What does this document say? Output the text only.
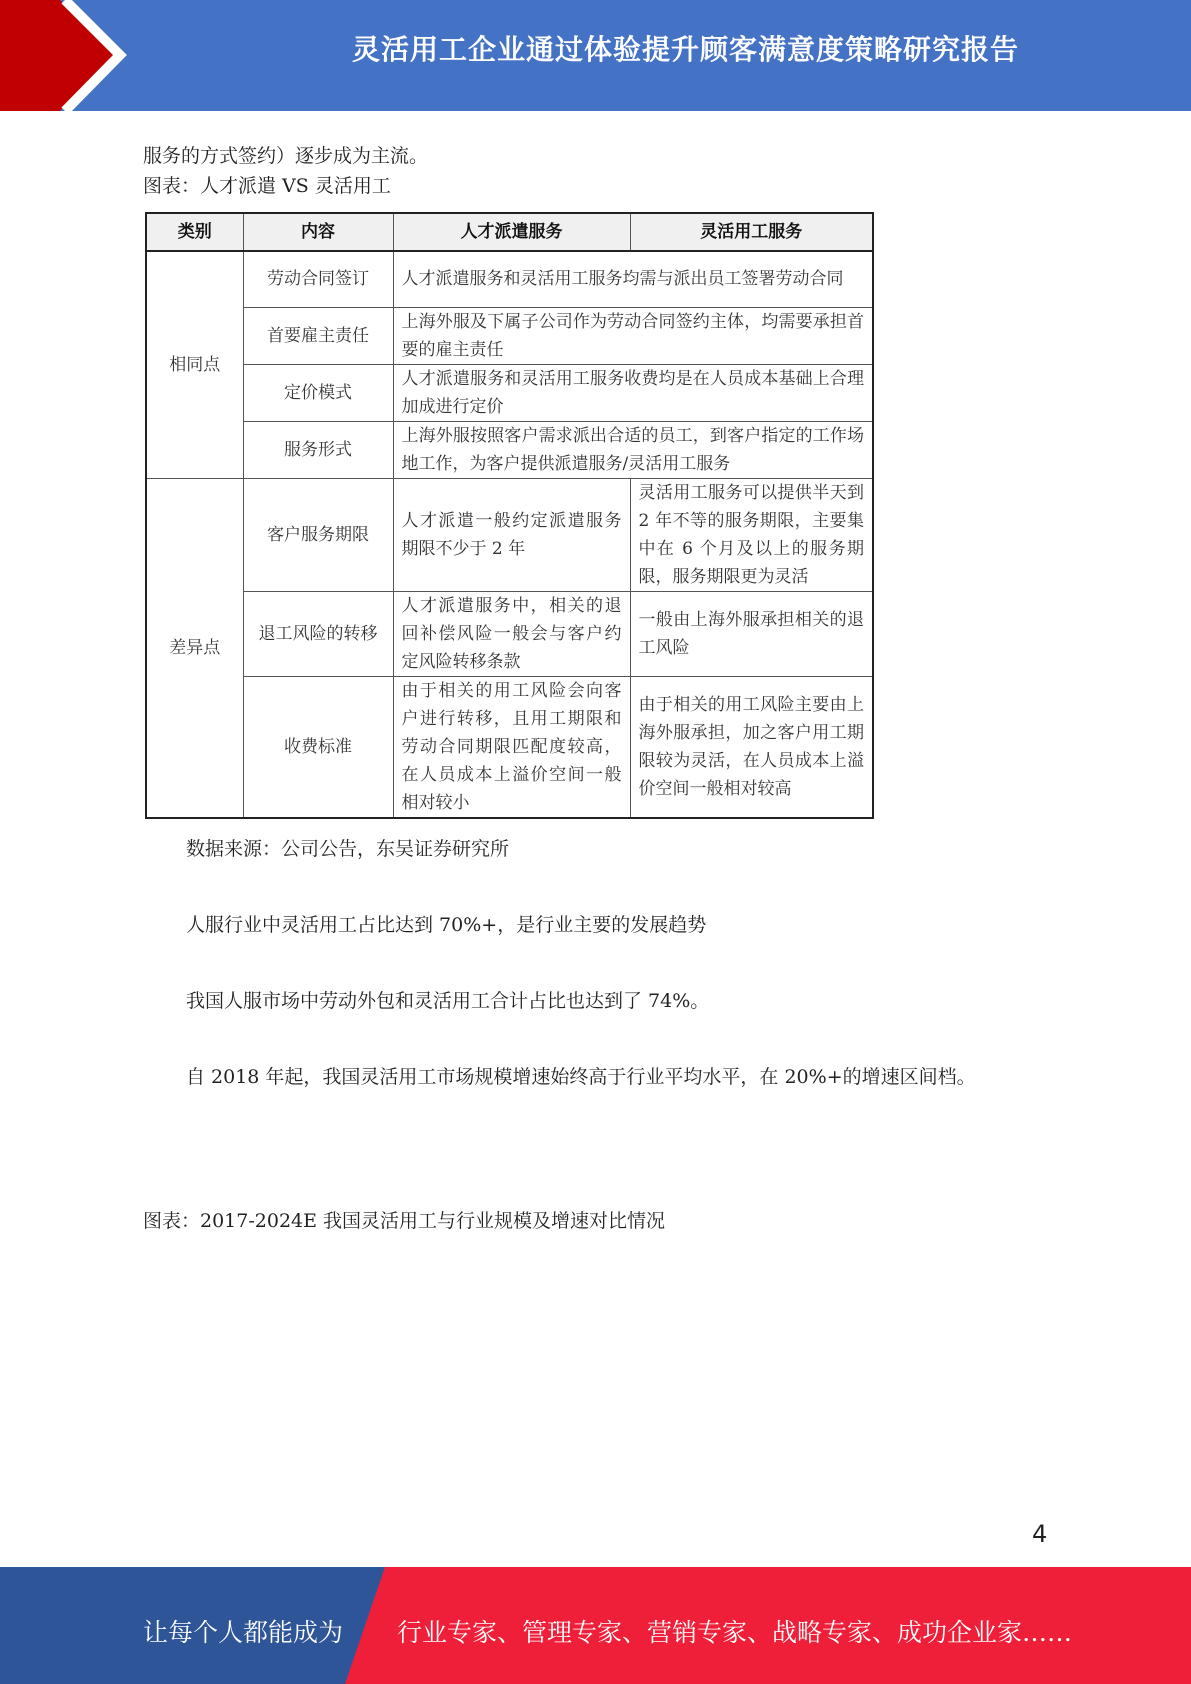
灵活用工企业通过体验提升顾客满意度策略研究报告
服务的方式签约）逐步成为主流。
图表：人才派遣 VS 灵活用工
类别	内容	人才派遣服务	灵活用工服务
相同点	劳动合同签订	人才派遣服务和灵活用工服务均需与派出员工签署劳动合同	
	首要雇主责任	上海外服及下属子公司作为劳动合同签约主体，均需要承担首要的雇主责任	
	定价模式	人才派遣服务和灵活用工服务收费均是在人员成本基础上合理加成进行定价	
	服务形式	上海外服按照客户需求派出合适的员工，到客户指定的工作场地工作，为客户提供派遣服务/灵活用工服务	
差异点	客户服务期限	人才派遣一般约定派遣服务期限不少于 2 年	灵活用工服务可以提供半天到 2 年不等的服务期限，主要集中在 6 个月及以上的服务期限，服务期限更为灵活
	退工风险的转移	人才派遣服务中，相关的退回补偿风险一般会与客户约定风险转移条款	一般由上海外服承担相关的退工风险
	收费标准	由于相关的用工风险会向客户进行转移，且用工期限和劳动合同期限匹配度较高，在人员成本上溢价空间一般相对较小	由于相关的用工风险主要由上海外服承担，加之客户用工期限较为灵活，在人员成本上溢价空间一般相对较高
数据来源：公司公告，东吴证券研究所
人服行业中灵活用工占比达到 70%+，是行业主要的发展趋势
我国人服市场中劳动外包和灵活用工合计占比也达到了 74%。
自 2018 年起，我国灵活用工市场规模增速始终高于行业平均水平，在 20%+的增速区间档。
图表：2017-2024E 我国灵活用工与行业规模及增速对比情况
4
让每个人都能成为 行业专家、管理专家、营销专家、战略专家、成功企业家……
